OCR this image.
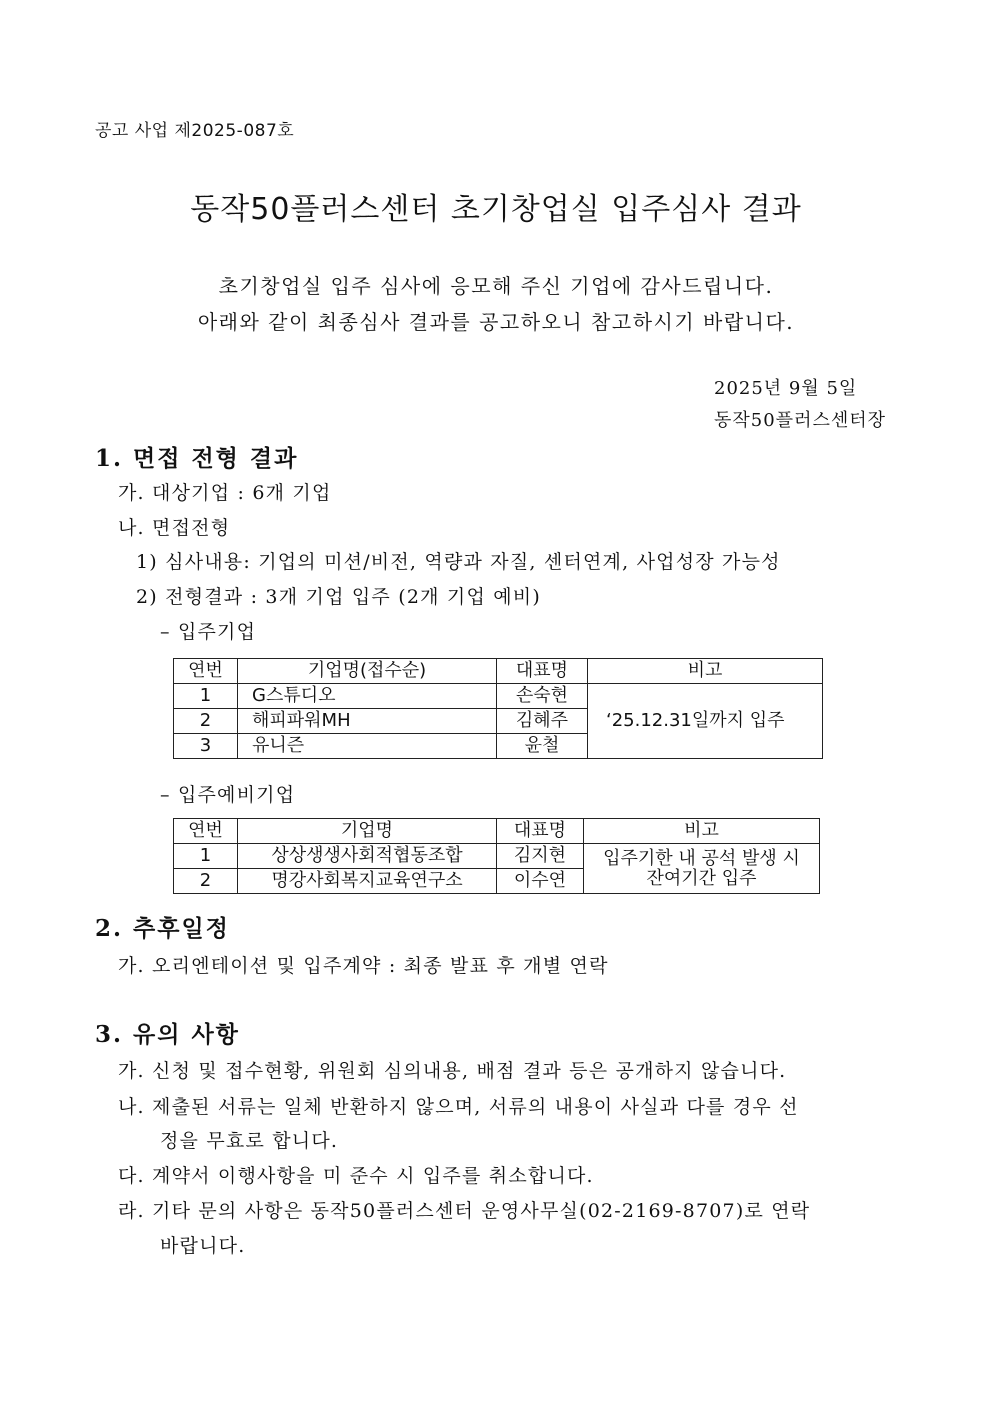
공고 사업 제2025-087호
동작50플러스센터 초기창업실 입주심사 결과
초기창업실 입주 심사에 응모해 주신 기업에 감사드립니다.
아래와 같이 최종심사 결과를 공고하오니 참고하시기 바랍니다.
2025년 9월 5일
동작50플러스센터장
1. 면접 전형 결과
가. 대상기업 : 6개 기업
나. 면접전형
1) 심사내용: 기업의 미션/비전, 역량과 자질, 센터연계, 사업성장 가능성
2) 전형결과 : 3개 기업 입주 (2개 기업 예비)
– 입주기업
연번	기업명(접수순)	대표명	비고
1	G스튜디오	손숙현	‘25.12.31일까지 입주
2	해피파워MH	김혜주	
3	유니즌	윤철	
– 입주예비기업
연번	기업명	대표명	비고
1	상상생생사회적협동조합	김지현	입주기한 내 공석 발생 시 잔여기간 입주
2	명강사회복지교육연구소	이수연	
2. 추후일정
가. 오리엔테이션 및 입주계약 : 최종 발표 후 개별 연락
3. 유의 사항
가. 신청 및 접수현황, 위원회 심의내용, 배점 결과 등은 공개하지 않습니다.
나. 제출된 서류는 일체 반환하지 않으며, 서류의 내용이 사실과 다를 경우 선
정을 무효로 합니다.
다. 계약서 이행사항을 미 준수 시 입주를 취소합니다.
라. 기타 문의 사항은 동작50플러스센터 운영사무실(02-2169-8707)로 연락
바랍니다.
